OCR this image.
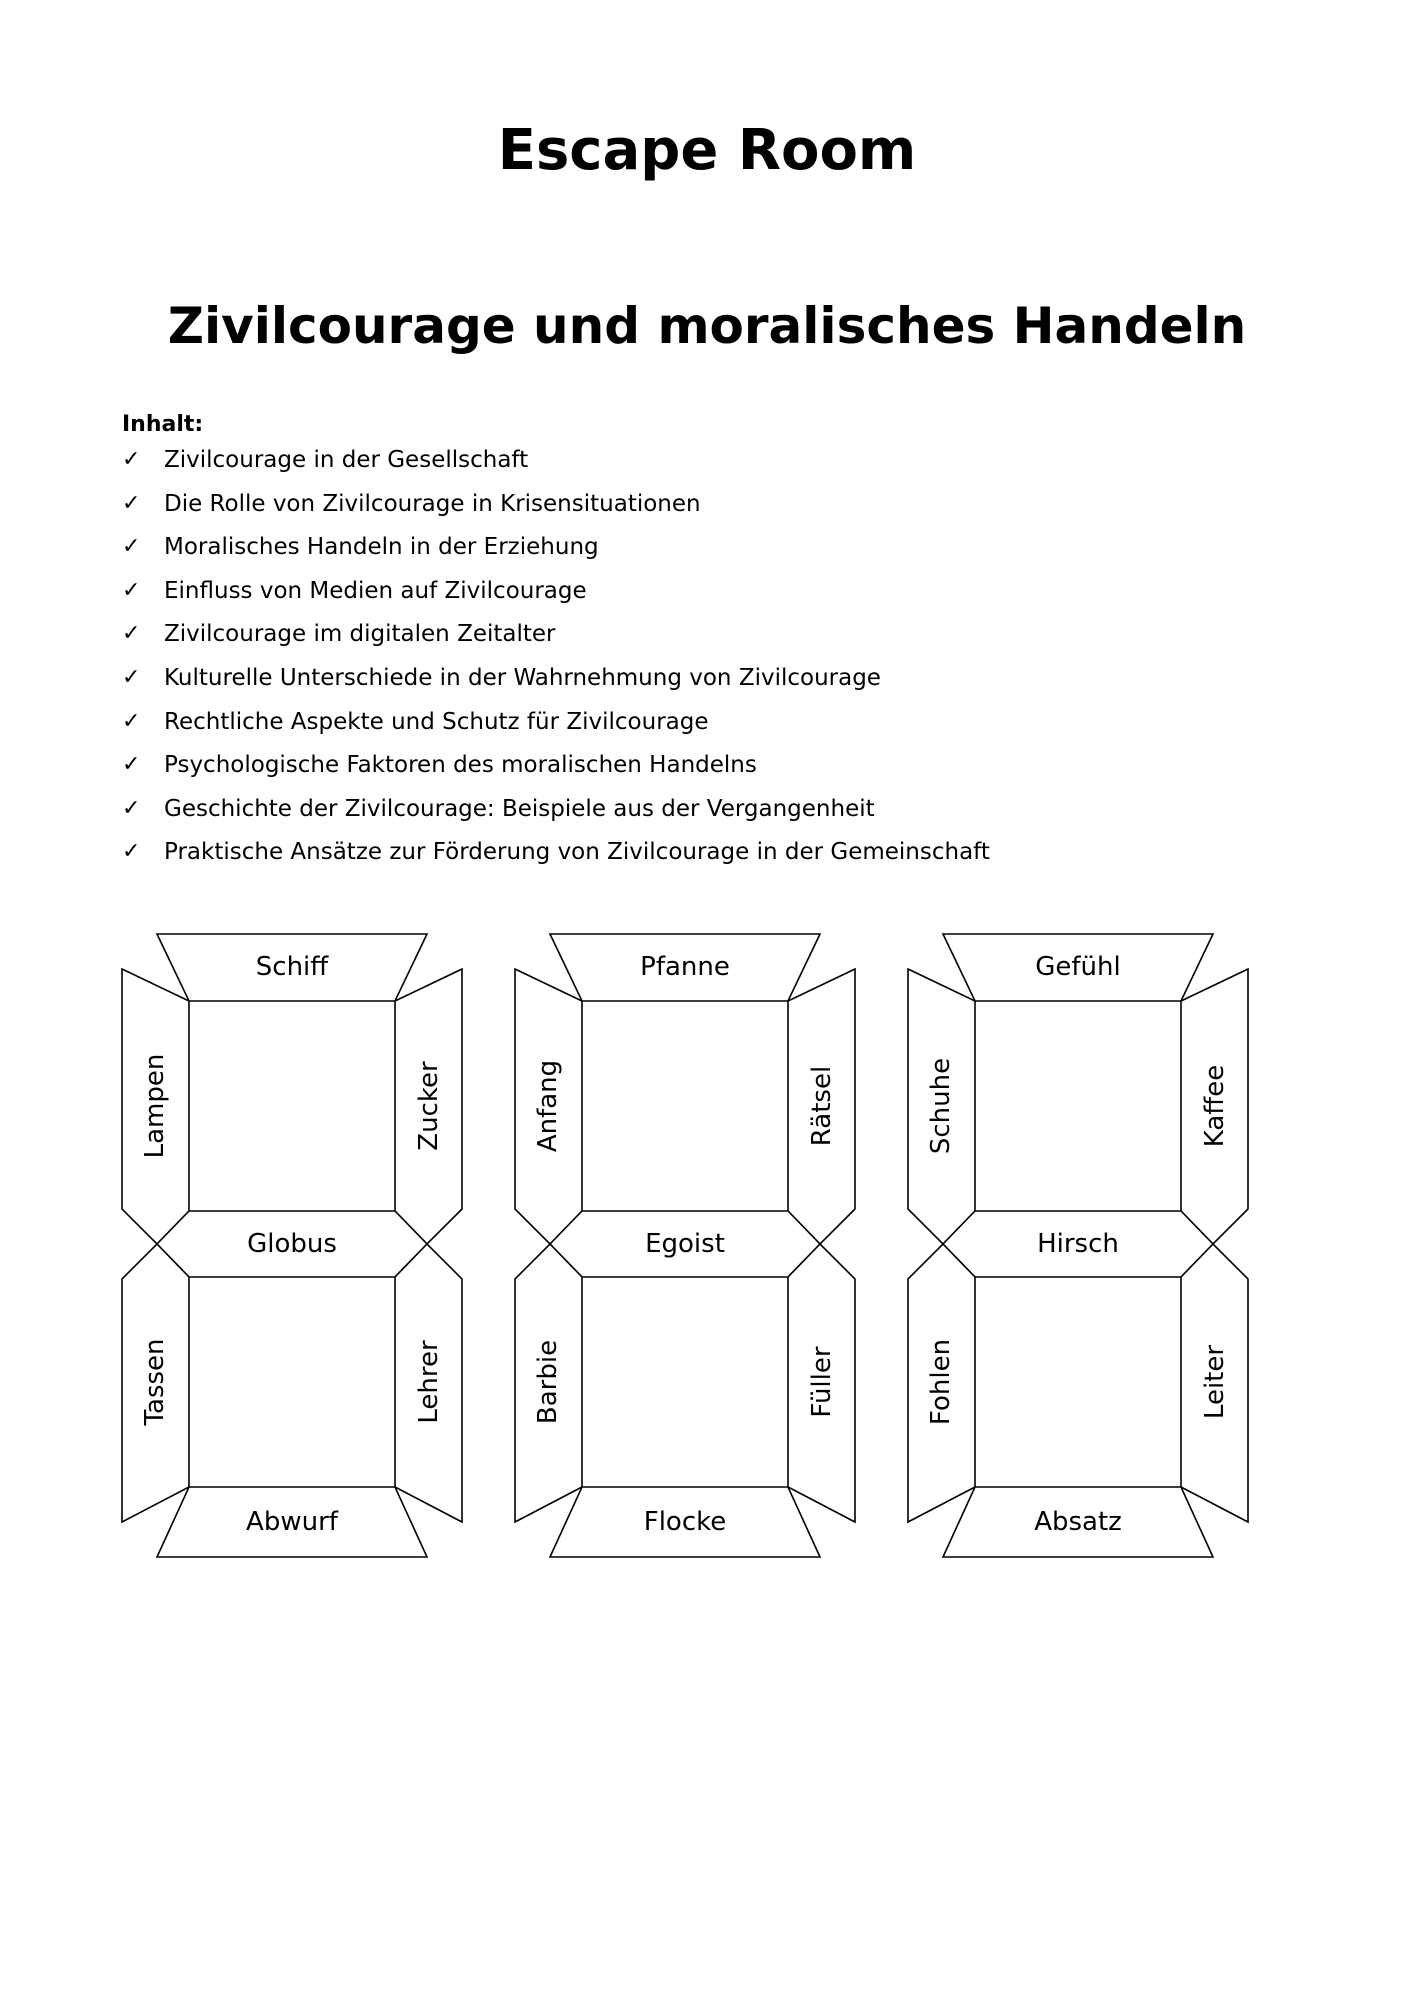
Escape Room
Zivilcourage und moralisches Handeln
Inhalt:
✓	Zivilcourage in der Gesellschaft
✓	Die Rolle von Zivilcourage in Krisensituationen
✓	Moralisches Handeln in der Erziehung
✓	Einfluss von Medien auf Zivilcourage
✓	Zivilcourage im digitalen Zeitalter
✓	Kulturelle Unterschiede in der Wahrnehmung von Zivilcourage
✓	Rechtliche Aspekte und Schutz für Zivilcourage
✓	Psychologische Faktoren des moralischen Handelns
✓	Geschichte der Zivilcourage: Beispiele aus der Vergangenheit
✓	Praktische Ansätze zur Förderung von Zivilcourage in der Gemeinschaft
Schiff
Lampen	Zucker
Globus
Tassen	Lehrer
Abwurf
Pfanne
Anfang	Rätsel
Egoist
Barbie	Füller
Flocke
Gefühl
Schuhe	Kaffee
Hirsch
Fohlen	Leiter
Absatz
